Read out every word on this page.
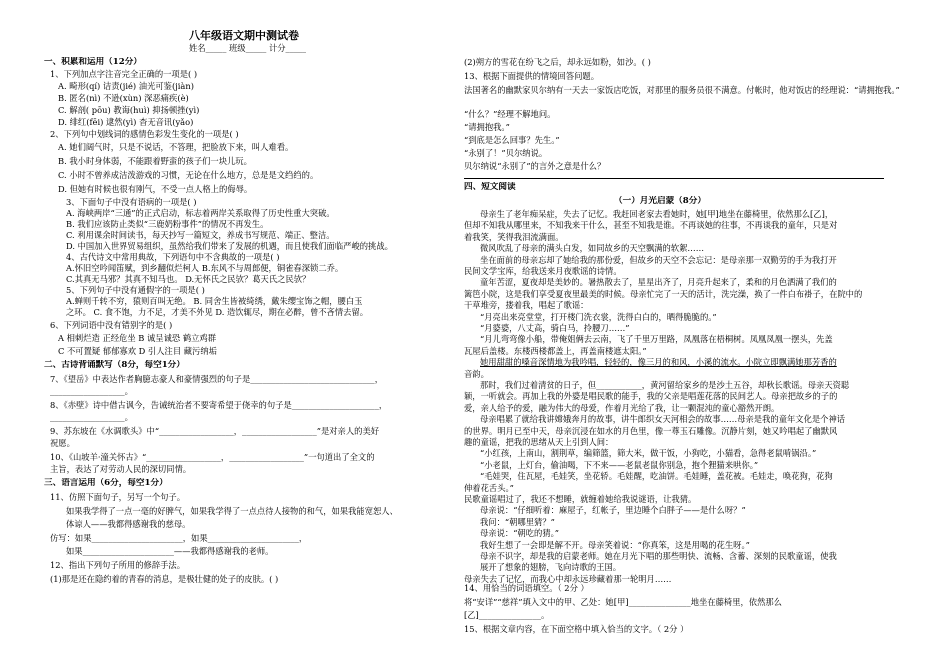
八年级语文期中测试卷
姓名_____ 班级_____ 计分_____
一、积累和运用（12分）
1、下列加点字注音完全正确的一项是( )
A. 畸形(qí) 诘责(jié) 油光可鉴(jiàn)
B. 匿名(nì) 不逊(xùn) 深恶痛疾(è)
C. 解剖( pōu) 教诲(huì) 抑扬顿挫(yì)
D. 绯红(fēi) 逮然(yì) 杳无音讯(yǎo)
2、下列句中划线词的感情色彩发生变化的一项是( )
A. 她们阔气时，只是不说话，不答理，把脸放下来，叫人难看。
B. 我小时身体弱，不能跟着野蛮的孩子们一块儿玩。
C. 小时不曾养成洁泼游戏的习惯，无论在什么地方，总是是文绉绉的。
D. 但她有时候也很有刚气，不受一点人格上的侮辱。
3、下面句子中没有语病的一项是( )
A. 海峡两岸“三通”的正式启动，标志着两岸关系取得了历史性重大突破。
B. 我们应该防止类似“三鹿奶粉事件”的情况不再发生。
C. 利用课余时间读书，每天抄写一篇短文，养成书写规范、端正、整洁。
D. 中国加入世界贸易组织，虽然给我们带来了发展的机遇，而且使我们面临严峻的挑战。
4、古代诗文中常用典故，下列语句中不含典故的一项是( )
A.怀旧空吟闻笛赋，到乡翻似烂柯人 B.东风不与周郎便，铜雀春深锁二乔。
C.其真无马邪？其真不知马也。 D.无怀氏之民欤？葛天氏之民欤？
5、下列句子中没有通假字的一项是( )
A.蝉则千转不穷，猿则百叫无绝。 B. 同舍生皆被绮绣，戴朱缨宝饰之帽，腰白玉
之环。 C. 食不饱，力不足，才美不外见 D. 造饮辄尽，期在必醉，曾不吝情去留。
6、下列词语中没有错别字的是( )
A 相刺烂造 正经危坐 B 诚呈诚恐 鹤立鸡群
C 不可置疑 郁郁寡欢 D 引人注目 藏污纳垢
二、古诗背诵默写（8分，每空1分）
7、《望岳》中表达作者胸臆志豪人和豪情强烈的句子是______________________________，
__________________。
8、《赤壁》诗中借古讽今，告诫统治者不要寄希望于侥幸的句子是_____________________，
__________________。
9、苏东坡在《水调歌头》中“__________________，__________________”是对亲人的美好
祝愿。
10、《山坡羊·潼关怀古》“__________________，__________________”一句道出了全文的
主旨，表达了对劳动人民的深切同情。
三、语言运用（6分，每空1分）
11、仿照下面句子，另写一个句子。
如果我学得了一点一毫的好脾气，如果我学得了一点点待人接物的和气，如果我能宽恕人、
体谅人——我都得感谢我的慈母。
仿写：如果______________________，如果______________________，
如果______________________——我都得感谢我的老师。
12、指出下列句子所用的修辞手法。
(1)那是还在隐约着的青春的消息，是极壮健的处子的皮肤。( )
(2)朔方的雪花在纷飞之后，却永远如粉，如沙。( )
13、根据下面提供的情境回答问题。
法国著名的幽默家贝尔纳有一天去一家饭店吃饭，对那里的服务员很不满意。付帐时，他对饭店的经理说：“请拥抱我。”
“什么？”经理不解地问。
“请拥抱我。”
“到底是怎么回事？先生。”
“永别了！”贝尔纳说。
贝尔纳说“永别了”的言外之意是什么？
四、短文阅读
（一）月光启蒙（8分）
母亲生了老年痴呆症，失去了记忆。我赶回老家去看她时，她[甲]地坐在藤椅里，依然那么[乙]，
但却不知我从哪里来，不知我来干什么，甚至不知我是谁。不再谈她的往事，不再谈我的童年，只是对
着我笑，笑得我泪流满面。
微风吹乱了母亲的满头白发，如同故乡的天空飘满的软絮……
坐在面前的母亲忘却了她给我的那份爱，但故乡的天空不会忘记：是母亲那一双勤劳的手为我打开
民间文学宝库，给我送来月夜歌谣的诗情。
童年苦涩，夏夜却是美妙的。暑热散去了，星星出齐了，月亮升起来了，柔和的月色洒满了我们的
篱笆小院，这是我们享受夏夜里最美的时候。母亲忙完了一天的活计，洗完澡，换了一件白布褂子，在院中的
干草堆旁，搂着我，唱起了歌谣：
“月亮出来亮堂堂，打开楼门洗衣裳，洗得白白的，晒得脆脆的。”
“月婆婆，八丈高，骑白马，拎腰刀……”
“月儿弯弯像小船，带俺姐俩去云南，飞了千里万里路，凤凰落在梧桐树。凤凰凤凰一摆头，先盖
瓦屋后盖楼。东楼西楼都盖上，再盖南楼遮太阳。”
她用甜甜的嗓音深情地为我吟唱，轻轻的，像三月的和风，小溪的流水。小院立即飘满她那芳香的
音韵。
那时，我们过着清贫的日子，但___________，黄河留给家乡的是沙土五谷，却秋长歌谣。母亲天资聪
颖，一听就会。再加上我的外婆是唱民歌的能手，我的父亲是唱莲花落的民间艺人。母亲把故乡的子的
爱，亲人给予的爱，融为伟大的母爱，作着月光给了我，让一颗混沌的童心豁然开朗。
母亲唱累了就给我讲嫦娥奔月的故事，讲牛郎织女天河相会的故事……母亲是我的童年文化是个神话
的世界。明月已至中天，母亲沉浸在如水的月色里，像一尊玉石雕像。沉静片刻，她又吟唱起了幽默风
趣的童谣，把我的思绪从天上引到人间：
“小红孩，上南山，割荆草，编筛篮，筛大米，做干饭，小狗吃，小猫看，急得老鼠啃锅沿。”
“小老鼠，上灯台，偷油喝，下不来——老鼠老鼠你别急，抱个狸猫来哄你。”
“毛娃哭，住瓦屋，毛娃笑，坐花轿。毛娃醒，吃油饼。毛娃睡，盖花被。毛娃走，唤花狗，花狗
伸着花舌头。”
民歌童谣唱过了，我还不想睡，就缠着她给我说谜语，让我猜。
母亲说：“仔细听着：麻屋子，红帐子，里边睡个白胖子——是什么呀？”
我问：“朝哪里猜？”
母亲说：“朝吃的猜。”
我好生想了一会即是解不开。母亲笑着说：“你真笨，这是用喝的花生呀。”
母亲不识字，却是我的启蒙老师。她在月光下唱的那些明快、流畅、含蓄、深刻的民歌童谣，使我
展开了想象的翅膀，飞向诗歌的王国。
母亲失去了记忆，而我心中却永远珍藏着那一轮明月……
14、用恰当的词语填空。（ 2分 ）
将“安详”“慈祥”填入文中的甲、乙处：她[甲]_______________地坐在藤椅里，依然那么
[乙]_______________。
15、根据文章内容，在下面空格中填入恰当的文字。（ 2分 ）
